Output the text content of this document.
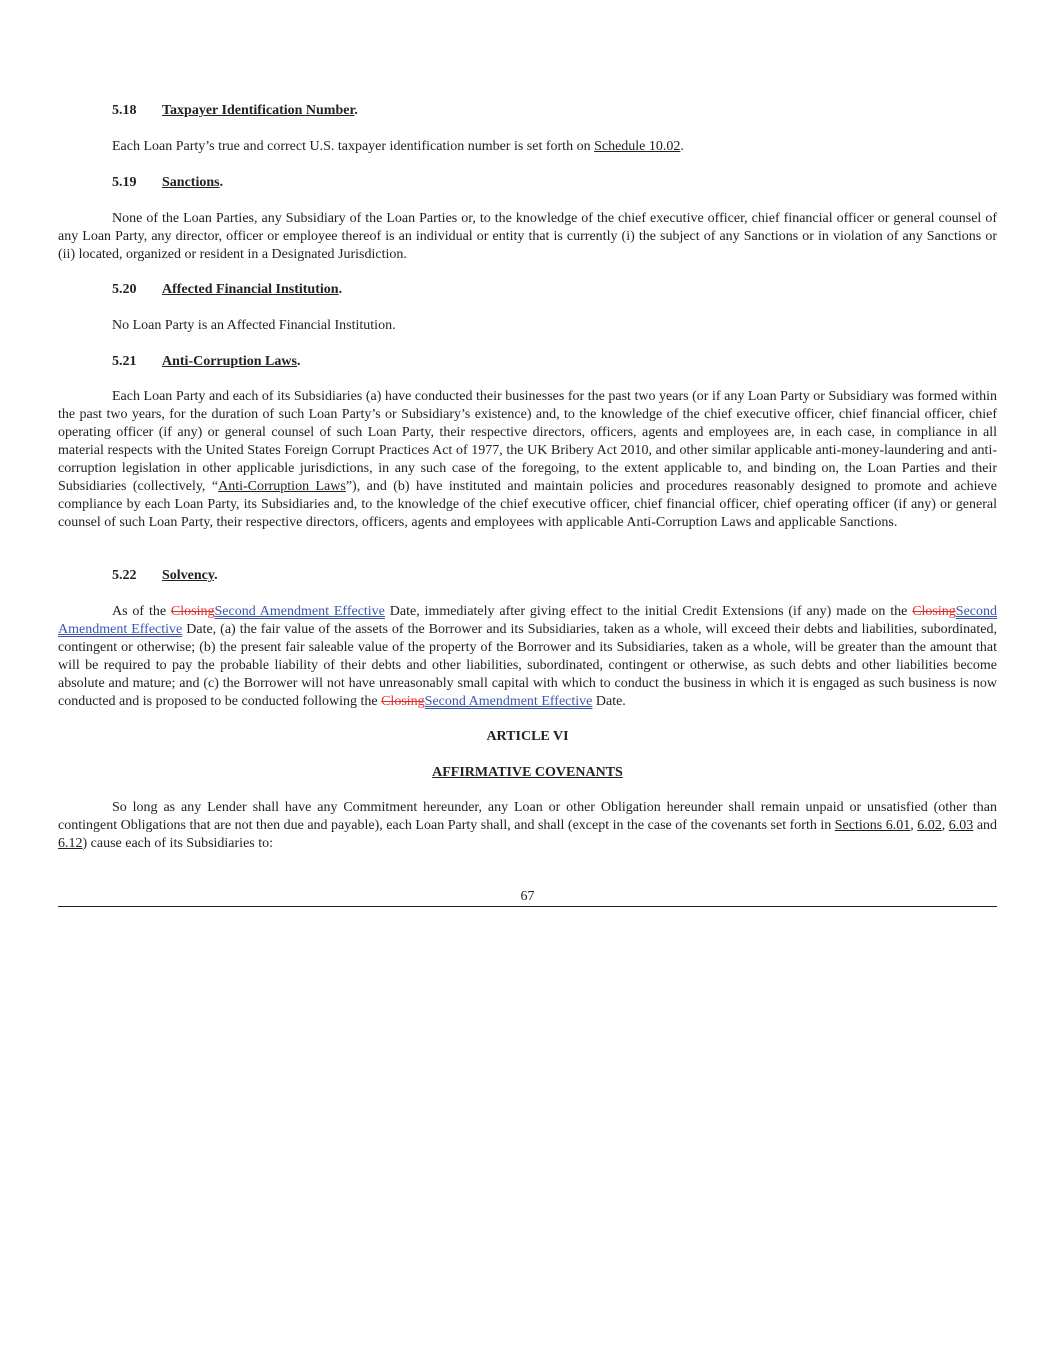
5.18 Taxpayer Identification Number.
Each Loan Party’s true and correct U.S. taxpayer identification number is set forth on Schedule 10.02.
5.19 Sanctions.
None of the Loan Parties, any Subsidiary of the Loan Parties or, to the knowledge of the chief executive officer, chief financial officer or general counsel of any Loan Party, any director, officer or employee thereof is an individual or entity that is currently (i) the subject of any Sanctions or in violation of any Sanctions or (ii) located, organized or resident in a Designated Jurisdiction.
5.20 Affected Financial Institution.
No Loan Party is an Affected Financial Institution.
5.21 Anti-Corruption Laws.
Each Loan Party and each of its Subsidiaries (a) have conducted their businesses for the past two years (or if any Loan Party or Subsidiary was formed within the past two years, for the duration of such Loan Party’s or Subsidiary’s existence) and, to the knowledge of the chief executive officer, chief financial officer, chief operating officer (if any) or general counsel of such Loan Party, their respective directors, officers, agents and employees are, in each case, in compliance in all material respects with the United States Foreign Corrupt Practices Act of 1977, the UK Bribery Act 2010, and other similar applicable anti-money-laundering and anti-corruption legislation in other applicable jurisdictions, in any such case of the foregoing, to the extent applicable to, and binding on, the Loan Parties and their Subsidiaries (collectively, “Anti-Corruption Laws”), and (b) have instituted and maintain policies and procedures reasonably designed to promote and achieve compliance by each Loan Party, its Subsidiaries and, to the knowledge of the chief executive officer, chief financial officer, chief operating officer (if any) or general counsel of such Loan Party, their respective directors, officers, agents and employees with applicable Anti-Corruption Laws and applicable Sanctions.
5.22 Solvency.
As of the ClosingSecond Amendment Effective Date, immediately after giving effect to the initial Credit Extensions (if any) made on the ClosingSecond Amendment Effective Date, (a) the fair value of the assets of the Borrower and its Subsidiaries, taken as a whole, will exceed their debts and liabilities, subordinated, contingent or otherwise; (b) the present fair saleable value of the property of the Borrower and its Subsidiaries, taken as a whole, will be greater than the amount that will be required to pay the probable liability of their debts and other liabilities, subordinated, contingent or otherwise, as such debts and other liabilities become absolute and mature; and (c) the Borrower will not have unreasonably small capital with which to conduct the business in which it is engaged as such business is now conducted and is proposed to be conducted following the ClosingSecond Amendment Effective Date.
ARTICLE VI
AFFIRMATIVE COVENANTS
So long as any Lender shall have any Commitment hereunder, any Loan or other Obligation hereunder shall remain unpaid or unsatisfied (other than contingent Obligations that are not then due and payable), each Loan Party shall, and shall (except in the case of the covenants set forth in Sections 6.01, 6.02, 6.03 and 6.12) cause each of its Subsidiaries to:
67
